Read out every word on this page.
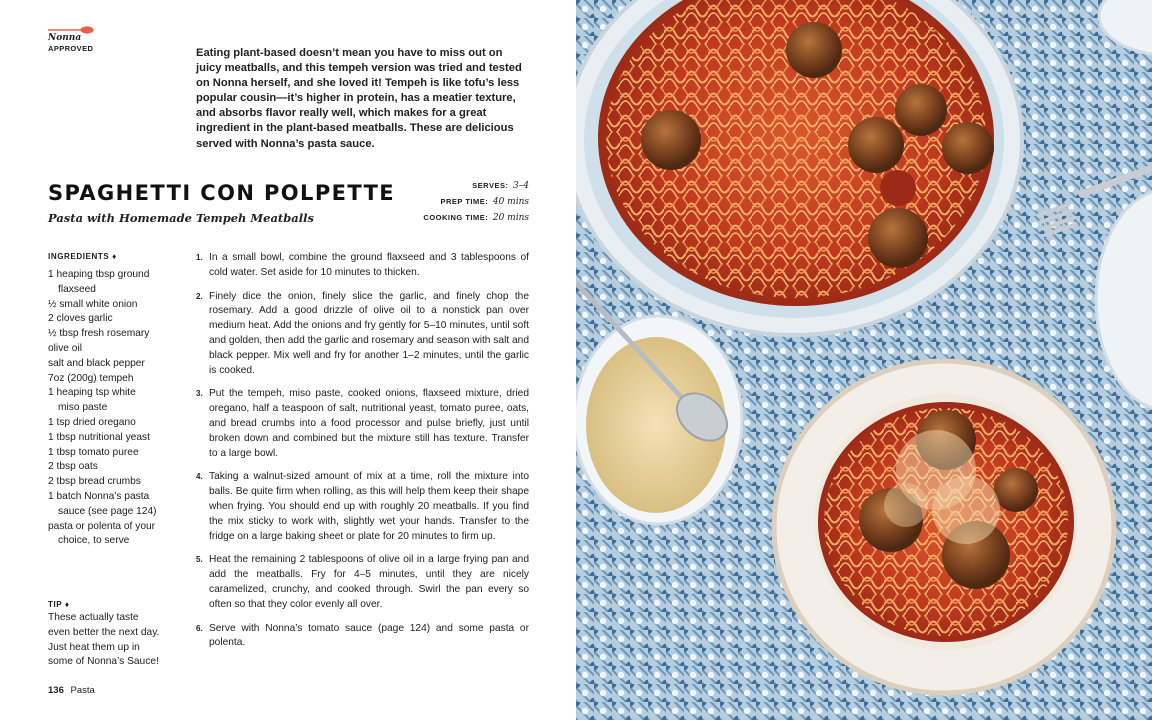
Nonna
APPROVED	Eating plant-based doesn’t mean you have to miss out on juicy meatballs, and this tempeh version was tried and tested on Nonna herself, and she loved it! Tempeh is like tofu’s less popular cousin—it’s higher in protein, has a meatier texture, and absorbs flavor really well, which makes for a great ingredient in the plant-based meatballs. These are delicious served with Nonna’s pasta sauce.
SPAGHETTI CON POLPETTE
Pasta with Homemade Tempeh Meatballs
SERVES: 3–4
PREP TIME: 40 mins
COOKING TIME: 20 mins
INGREDIENTS ♦
1 heaping tbsp ground
flaxseed
½ small white onion
2 cloves garlic
½ tbsp fresh rosemary
olive oil
salt and black pepper
7oz (200g) tempeh
1 heaping tsp white
miso paste
1 tsp dried oregano
1 tbsp nutritional yeast
1 tbsp tomato puree
2 tbsp oats
2 tbsp bread crumbs
1 batch Nonna’s pasta
sauce (see page 124)
pasta or polenta of your
choice, to serve
TIP ♦
These actually taste even better the next day. Just heat them up in some of Nonna’s Sauce!
136 Pasta
1. In a small bowl, combine the ground flaxseed and 3 tablespoons of cold water. Set aside for 10 minutes to thicken.
2. Finely dice the onion, finely slice the garlic, and finely chop the rosemary. Add a good drizzle of olive oil to a nonstick pan over medium heat. Add the onions and fry gently for 5–10 minutes, until soft and golden, then add the garlic and rosemary and season with salt and black pepper. Mix well and fry for another 1–2 minutes, until the garlic is cooked.
3. Put the tempeh, miso paste, cooked onions, flaxseed mixture, dried oregano, half a teaspoon of salt, nutritional yeast, tomato puree, oats, and bread crumbs into a food processor and pulse briefly, just until broken down and combined but the mixture still has texture. Transfer to a large bowl.
4. Taking a walnut-sized amount of mix at a time, roll the mixture into balls. Be quite firm when rolling, as this will help them keep their shape when frying. You should end up with roughly 20 meatballs. If you find the mix sticky to work with, slightly wet your hands. Transfer to the fridge on a large baking sheet or plate for 20 minutes to firm up.
5. Heat the remaining 2 tablespoons of olive oil in a large frying pan and add the meatballs. Fry for 4–5 minutes, until they are nicely caramelized, crunchy, and cooked through. Swirl the pan every so often so that they color evenly all over.
6. Serve with Nonna’s tomato sauce (page 124) and some pasta or polenta.
